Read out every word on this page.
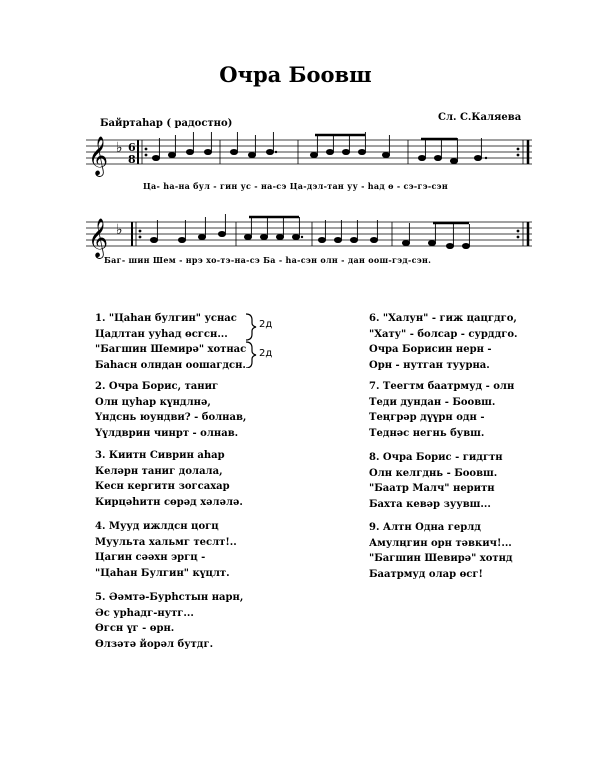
Очра Боовш
Байртаһар ( радостно)
Сл. С.Каляева
𝄞 ♭ 6
8
Ца- һа-на бул - гин ус - на-сэ Ца-дэл-тан уу - һад ө - сэ-гэ-сэн
𝄞 ♭
Баг- шин Шем - нрэ хо-тэ-на-сэ Ба - һа-сэн олн - дан оош-гэд-сэн.
1. "Цаһан булгин" уснас
Цадлтан ууһад өсгсн...
"Багшин Шемирә" хотнас
Баһасн олндан оошагдсн.
2д
2д
2. Очра Борис, таниг
Олн цуһар күндлнә,
Үндснь юундви? - болнав,
Үүлдврин чинрт - олнав.
3. Киитн Сиврин аһар
Келәрн таниг долала,
Кесн кергитн зогсахар
Кирцәһитн сөрәд хәләлә.
4. Мууд ижлдсн цогц
Муульта хальмг теслт!..
Цагин сәәхн эргц -
"Цаһан Булгин" күцлт.
5. Әәмтә-Бурһстын нарн,
Әс урһадг-нутг...
Өгсн үг - өрн.
Өлзәтә йорәл бутдг.
6. "Халун" - гиж цацгдго,
"Хату" - болсар - сурддго.
Очра Борисин нерн -
Орн - нутган туурна.
7. Теегтм баатрмуд - олн
Теди дундан - Боовш.
Теңгрәр дүүрн одн -
Теднәс негнь бувш.
8. Очра Борис - гидгтн
Олн келгднь - Боовш.
"Баатр Малч" неритн
Бахта кевәр зуувш...
9. Алтн Одна герлд
Амулңгин орн тәвкич!...
"Багшин Шевирә" хотнд
Баатрмуд олар өсг!
